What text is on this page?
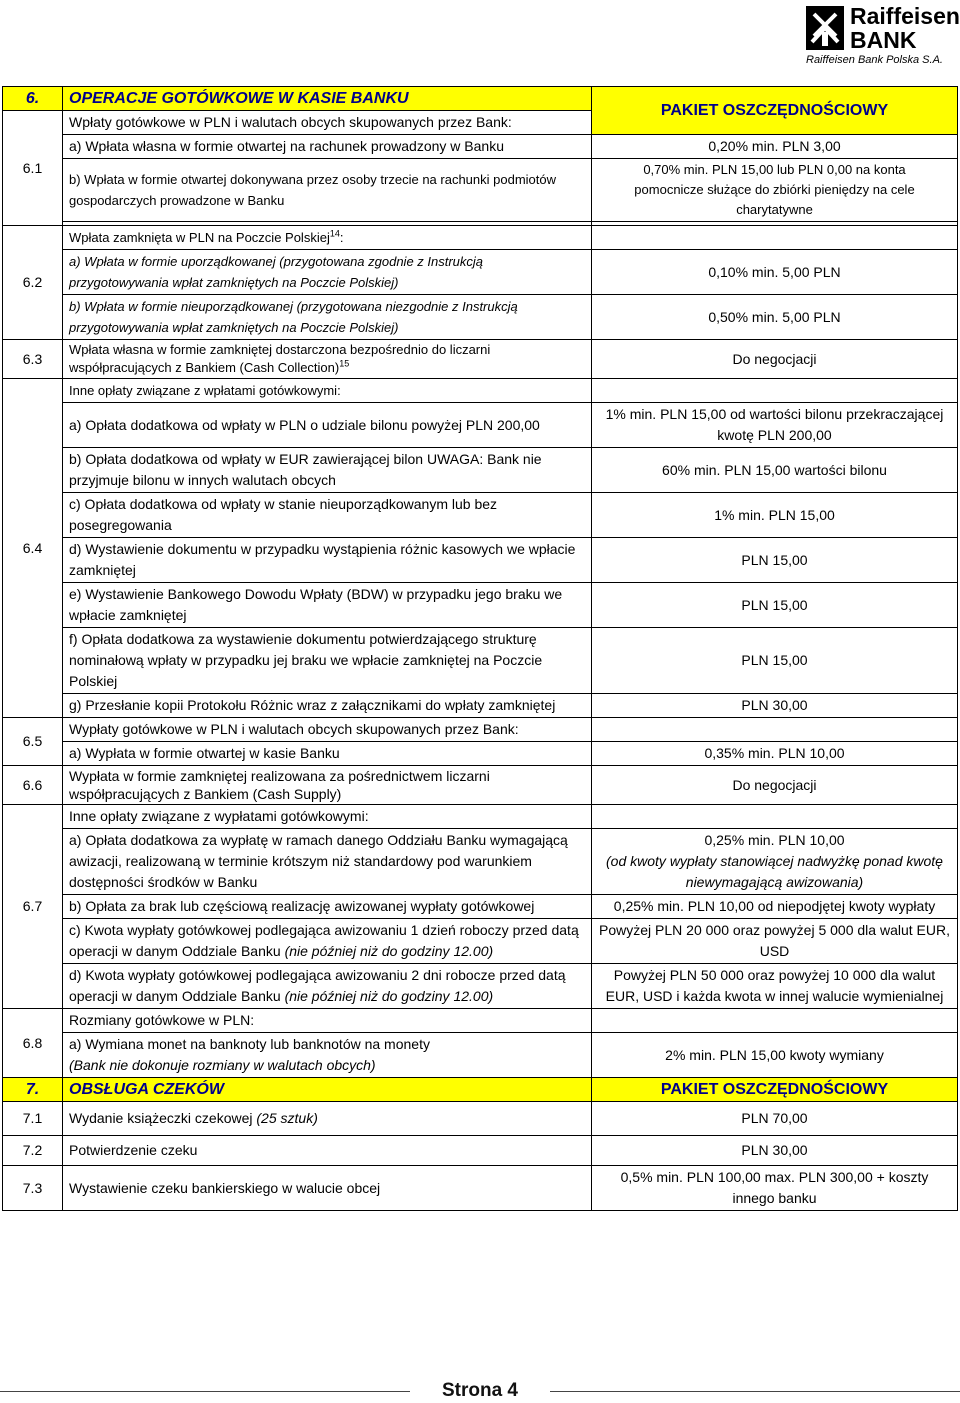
Raiffeisen
BANK
Raiffeisen Bank Polska S.A.
6.	OPERACJE GOTÓWKOWE W KASIE BANKU	PAKIET OSZCZĘDNOŚCIOWY
6.1	Wpłaty gotówkowe w PLN i walutach obcych skupowanych przez Bank:	
	a) Wpłata własna w formie otwartej na rachunek prowadzony w Banku	0,20% min. PLN 3,00
	b) Wpłata w formie otwartej dokonywana przez osoby trzecie na rachunki podmiotów gospodarczych prowadzone w Banku	0,70% min. PLN 15,00 lub PLN 0,00 na konta
pomocnicze służące do zbiórki pieniędzy na cele charytatywne

6.2	Wpłata zamknięta w PLN na Poczcie Polskiej$^{14}$:	
	a) Wpłata w formie uporządkowanej (przygotowana zgodnie z Instrukcją przygotowywania wpłat zamkniętych na Poczcie Polskiej)	0,10% min. 5,00 PLN
	b) Wpłata w formie nieuporządkowanej (przygotowana niezgodnie z Instrukcją przygotowywania wpłat zamkniętych na Poczcie Polskiej)	0,50% min. 5,00 PLN
6.3	Wpłata własna w formie zamkniętej dostarczona bezpośrednio do liczarni współpracujących z Bankiem (Cash Collection)$^{15}$	Do negocjacji
6.4	Inne opłaty związane z wpłatami gotówkowymi:	
	a) Opłata dodatkowa od wpłaty w PLN o udziale bilonu powyżej PLN 200,00	1% min. PLN 15,00 od wartości bilonu przekraczającej kwotę PLN 200,00
	b) Opłata dodatkowa od wpłaty w EUR zawierającej bilon UWAGA: Bank nie przyjmuje bilonu w innych walutach obcych	60% min. PLN 15,00 wartości bilonu
	c) Opłata dodatkowa od wpłaty w stanie nieuporządkowanym lub bez posegregowania	1% min. PLN 15,00
	d) Wystawienie dokumentu w przypadku wystąpienia różnic kasowych we wpłacie zamkniętej	PLN 15,00
	e) Wystawienie Bankowego Dowodu Wpłaty (BDW) w przypadku jego braku we wpłacie zamkniętej	PLN 15,00
	f) Opłata dodatkowa za wystawienie dokumentu potwierdzającego strukturę nominałową wpłaty w przypadku jej braku we wpłacie zamkniętej na Poczcie Polskiej	PLN 15,00
	g) Przesłanie kopii Protokołu Różnic wraz z załącznikami do wpłaty zamkniętej	PLN 30,00
6.5	Wypłaty gotówkowe w PLN i walutach obcych skupowanych przez Bank:	
	a) Wypłata w formie otwartej w kasie Banku	0,35% min. PLN 10,00
6.6	Wypłata w formie zamkniętej realizowana za pośrednictwem liczarni współpracujących z Bankiem (Cash Supply)	Do negocjacji
6.7	Inne opłaty związane z wypłatami gotówkowymi:	
	a) Opłata dodatkowa za wypłatę w ramach danego Oddziału Banku wymagającą awizacji, realizowaną w terminie krótszym niż standardowy pod warunkiem dostępności środków w Banku	0,25% min. PLN 10,00
(od kwoty wypłaty stanowiącej nadwyżkę ponad kwotę niewymagającą awizowania)
	b) Opłata za brak lub częściową realizację awizowanej wypłaty gotówkowej	0,25% min. PLN 10,00 od niepodjętej kwoty wypłaty
	c) Kwota wypłaty gotówkowej podlegająca awizowaniu 1 dzień roboczy przed datą operacji w danym Oddziale Banku (nie później niż do godziny 12.00)	Powyżej PLN 20 000 oraz powyżej 5 000 dla walut EUR, USD
	d) Kwota wypłaty gotówkowej podlegająca awizowaniu 2 dni robocze przed datą operacji w danym Oddziale Banku (nie później niż do godziny 12.00)	Powyżej PLN 50 000 oraz powyżej 10 000 dla walut EUR, USD i każda kwota w innej walucie wymienialnej
6.8	Rozmiany gotówkowe w PLN:	
	a) Wymiana monet na banknoty lub banknotów na monety
(Bank nie dokonuje rozmiany w walutach obcych)	2% min. PLN 15,00 kwoty wymiany
7.	OBSŁUGA CZEKÓW	PAKIET OSZCZĘDNOŚCIOWY
7.1	Wydanie książeczki czekowej (25 sztuk)	PLN 70,00
7.2	Potwierdzenie czeku	PLN 30,00
7.3	Wystawienie czeku bankierskiego w walucie obcej	0,5% min. PLN 100,00 max. PLN 300,00 + koszty innego banku
Strona 4
